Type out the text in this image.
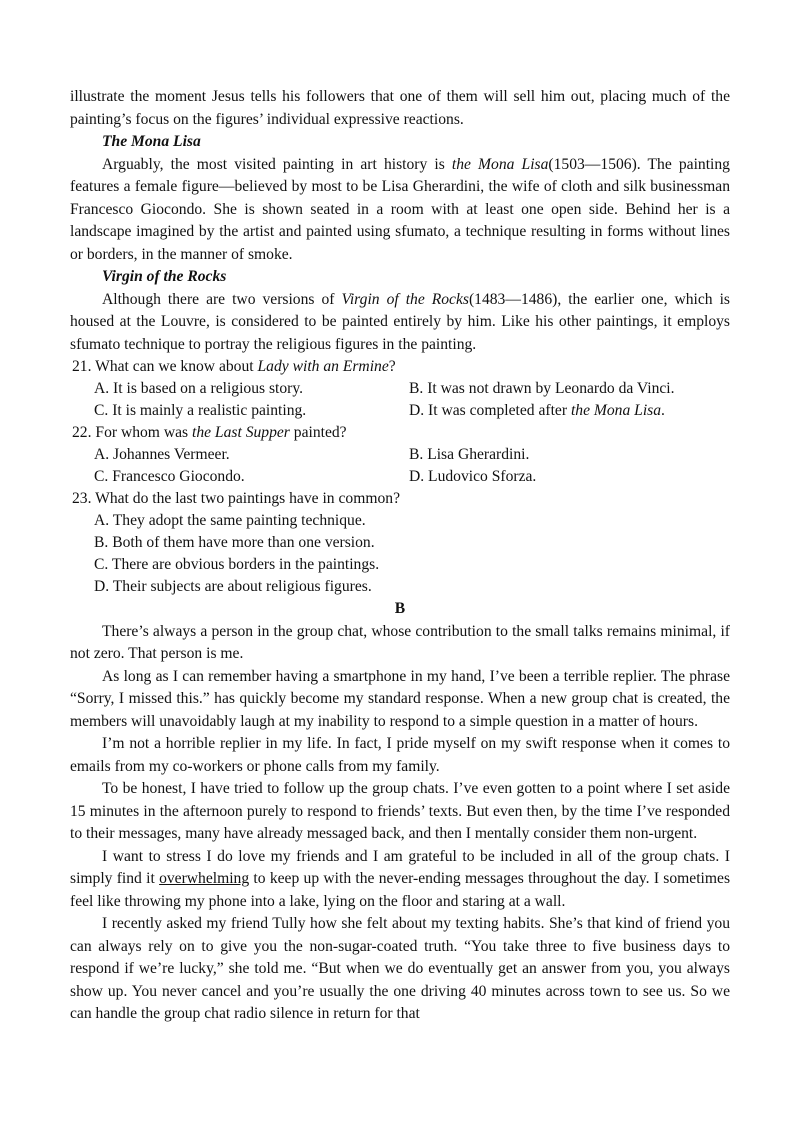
illustrate the moment Jesus tells his followers that one of them will sell him out, placing much of the painting’s focus on the figures’ individual expressive reactions.

The Mona Lisa

Arguably, the most visited painting in art history is the Mona Lisa(1503—1506). The painting features a female figure—believed by most to be Lisa Gherardini, the wife of cloth and silk businessman Francesco Giocondo. She is shown seated in a room with at least one open side. Behind her is a landscape imagined by the artist and painted using sfumato, a technique resulting in forms without lines or borders, in the manner of smoke.

Virgin of the Rocks

Although there are two versions of Virgin of the Rocks(1483—1486), the earlier one, which is housed at the Louvre, is considered to be painted entirely by him. Like his other paintings, it employs sfumato technique to portray the religious figures in the painting.

21. What can we know about Lady with an Ermine?

A. It is based on a religious story.	B. It was not drawn by Leonardo da Vinci.
C. It is mainly a realistic painting.	D. It was completed after the Mona Lisa.

22. For whom was the Last Supper painted?

A. Johannes Vermeer.	B. Lisa Gherardini.
C. Francesco Giocondo.	D. Ludovico Sforza.

23. What do the last two paintings have in common?

A. They adopt the same painting technique.
B. Both of them have more than one version.
C. There are obvious borders in the paintings.
D. Their subjects are about religious figures.

B

There’s always a person in the group chat, whose contribution to the small talks remains minimal, if not zero. That person is me.

As long as I can remember having a smartphone in my hand, I’ve been a terrible replier. The phrase “Sorry, I missed this.” has quickly become my standard response. When a new group chat is created, the members will unavoidably laugh at my inability to respond to a simple question in a matter of hours.

I’m not a horrible replier in my life. In fact, I pride myself on my swift response when it comes to emails from my co-workers or phone calls from my family.

To be honest, I have tried to follow up the group chats. I’ve even gotten to a point where I set aside 15 minutes in the afternoon purely to respond to friends’ texts. But even then, by the time I’ve responded to their messages, many have already messaged back, and then I mentally consider them non-urgent.

I want to stress I do love my friends and I am grateful to be included in all of the group chats. I simply find it overwhelming to keep up with the never-ending messages throughout the day. I sometimes feel like throwing my phone into a lake, lying on the floor and staring at a wall.

I recently asked my friend Tully how she felt about my texting habits. She’s that kind of friend you can always rely on to give you the non-sugar-coated truth. “You take three to five business days to respond if we’re lucky,” she told me. “But when we do eventually get an answer from you, you always show up. You never cancel and you’re usually the one driving 40 minutes across town to see us. So we can handle the group chat radio silence in return for that
